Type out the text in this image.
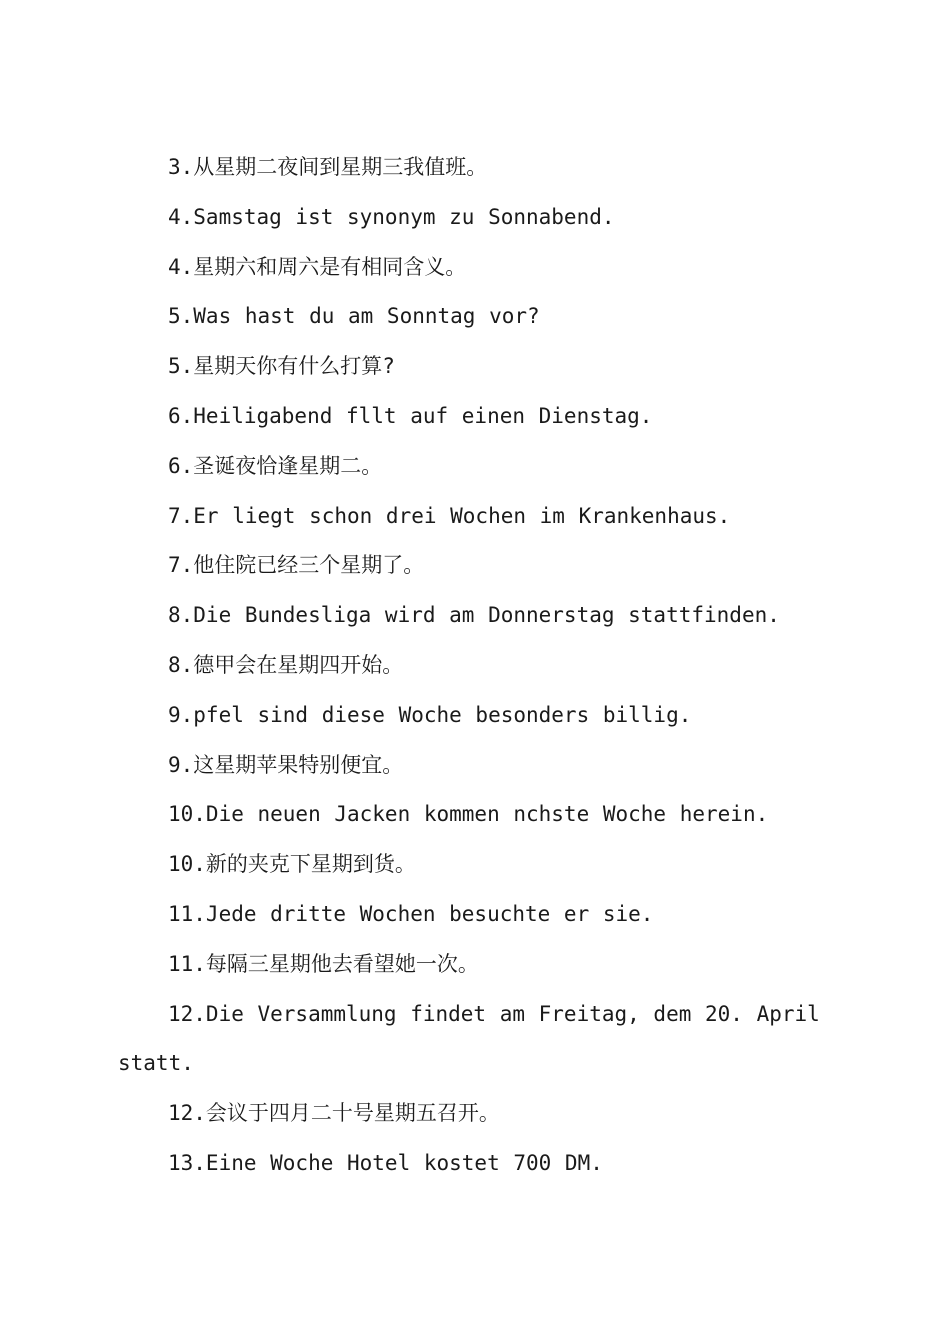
3.从星期二夜间到星期三我值班。

4.Samstag ist synonym zu Sonnabend.

4.星期六和周六是有相同含义。

5.Was hast du am Sonntag vor?

5.星期天你有什么打算?

6.Heiligabend fllt auf einen Dienstag.

6.圣诞夜恰逢星期二。

7.Er liegt schon drei Wochen im Krankenhaus.

7.他住院已经三个星期了。

8.Die Bundesliga wird am Donnerstag stattfinden.

8.德甲会在星期四开始。

9.pfel sind diese Woche besonders billig.

9.这星期苹果特别便宜。

10.Die neuen Jacken kommen nchste Woche herein.

10.新的夹克下星期到货。

11.Jede dritte Wochen besuchte er sie.

11.每隔三星期他去看望她一次。

12.Die Versammlung findet am Freitag, dem 20. April statt.

12.会议于四月二十号星期五召开。

13.Eine Woche Hotel kostet 700 DM.
